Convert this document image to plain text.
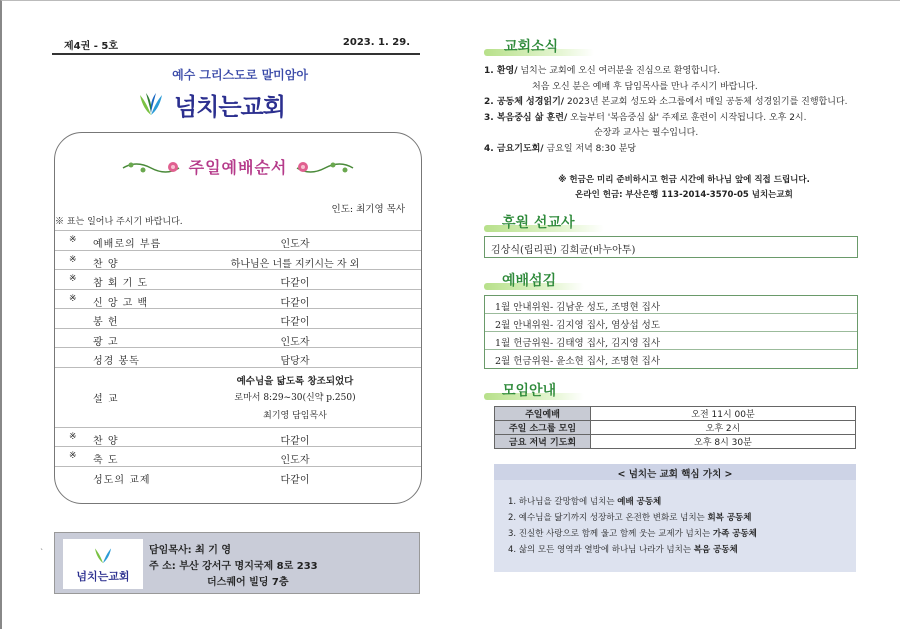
제4권 - 5호	2023. 1. 29.
예수 그리스도로 말미암아
넘치는교회
주일예배순서
인도: 최기영 목사
※ 표는 일어나 주시기 바랍니다.
※ 예배로의 부름	인도자
※ 찬 양	하나님은 너를 지키시는 자 외
※ 참 회 기 도	다같이
※ 신 앙 고 백	다같이
봉 헌	다같이
광 고	인도자
성경 봉독	담당자
설 교
예수님을 닮도록 창조되었다
로마서 8:29~30(신약 p.250)
최기영 담임목사
※ 찬 양	다같이
※ 축 도	인도자
성도의 교제	다같이
`
넘치는교회
담임목사: 최 기 영
주 소: 부산 강서구 명지국제 8로 233
더스퀘어 빌딩 7층
교회소식
1. 환영/ 넘치는 교회에 오신 여러분을 진심으로 환영합니다.
처음 오신 분은 예배 후 담임목사를 만나 주시기 바랍니다.
2. 공동체 성경읽기/ 2023년 본교회 성도와 소그룹에서 매일 공동체 성경읽기를 진행합니다.
3. 복음중심 삶 훈련/ 오늘부터 '복음중심 삶' 주제로 훈련이 시작됩니다. 오후 2시.
순장과 교사는 필수입니다.
4. 금요기도회/ 금요일 저녁 8:30 분당
※ 헌금은 미리 준비하시고 헌금 시간에 하나님 앞에 직접 드립니다.
온라인 헌금: 부산은행 113-2014-3570-05 넘치는교회
후원 선교사
김상식(립리핀) 김희균(바누아투)
예배섬김
1월 안내위원- 김남운 성도, 조명현 집사
2월 안내위원- 김지영 집사, 염상섭 성도
1월 헌금위원- 김태영 집사, 김지영 집사
2월 헌금위원- 윤소현 집사, 조명현 집사
모임안내
주일예배	오전 11시 00분
주일 소그룹 모임	오후 2시
금요 저녁 기도회	오후 8시 30분
< 넘치는 교회 핵심 가치 >
1. 하나님을 갈망함에 넘치는 예배 공동체
2. 예수님을 닮기까지 성장하고 온전한 변화로 넘치는 회복 공동체
3. 진실한 사랑으로 함께 울고 함께 웃는 교제가 넘치는 가족 공동체
4. 삶의 모든 영역과 열방에 하나님 나라가 넘치는 복음 공동체
